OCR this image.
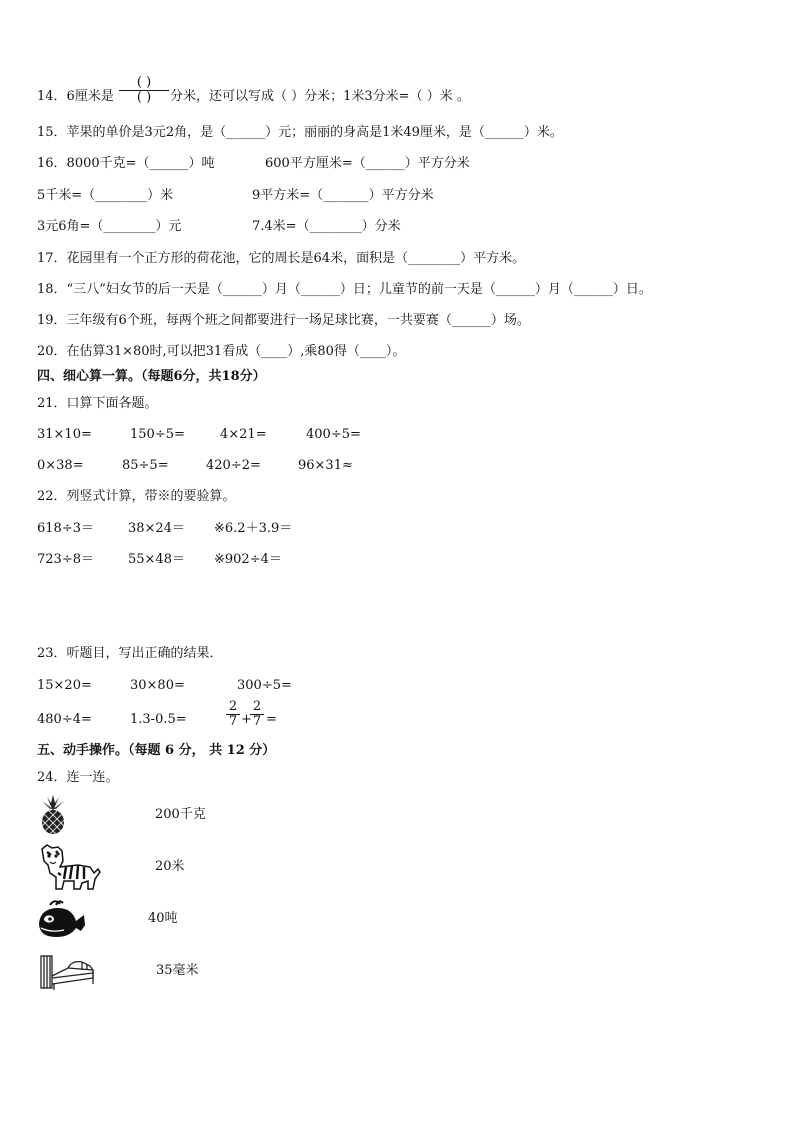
14．6厘米是
( )
( )	分米，还可以写成（ ）分米；1米3分米=（ ）米 。
15．苹果的单价是3元2角，是（______）元；丽丽的身高是1米49厘米，是（______）米。
16．8000千克=（______）吨	600平方厘米=（______）平方分米
5千米=（________）米	9平方米=（_______）平方分米
3元6角=（________）元	7.4米=（________）分米
17．花园里有一个正方形的荷花池，它的周长是64米，面积是（________）平方米。
18．“三八”妇女节的后一天是（______）月（______）日；儿童节的前一天是（______）月（______）日。
19．三年级有6个班，每两个班之间都要进行一场足球比赛，一共要赛（______）场。
20．在估算31×80时,可以把31看成（____）,乘80得（____）。
四、细心算一算。（每题6分，共18分）
21．口算下面各题。
31×10=	150÷5=	4×21=	400÷5=
0×38=	85÷5=	420÷2=	96×31≈
22．列竖式计算，带※的要验算。
618÷3＝	38×24＝ ※6.2＋3.9＝
723÷8＝	55×48＝ ※902÷4＝
23．听题目，写出正确的结果．
15×20=	30×80=	300÷5=
480÷4=	1.3-0.5=
2
7 +
2
7 =
五、动手操作。（每题 6 分， 共 12 分）
24．连一连。
200千克
20米
40吨
35毫米
